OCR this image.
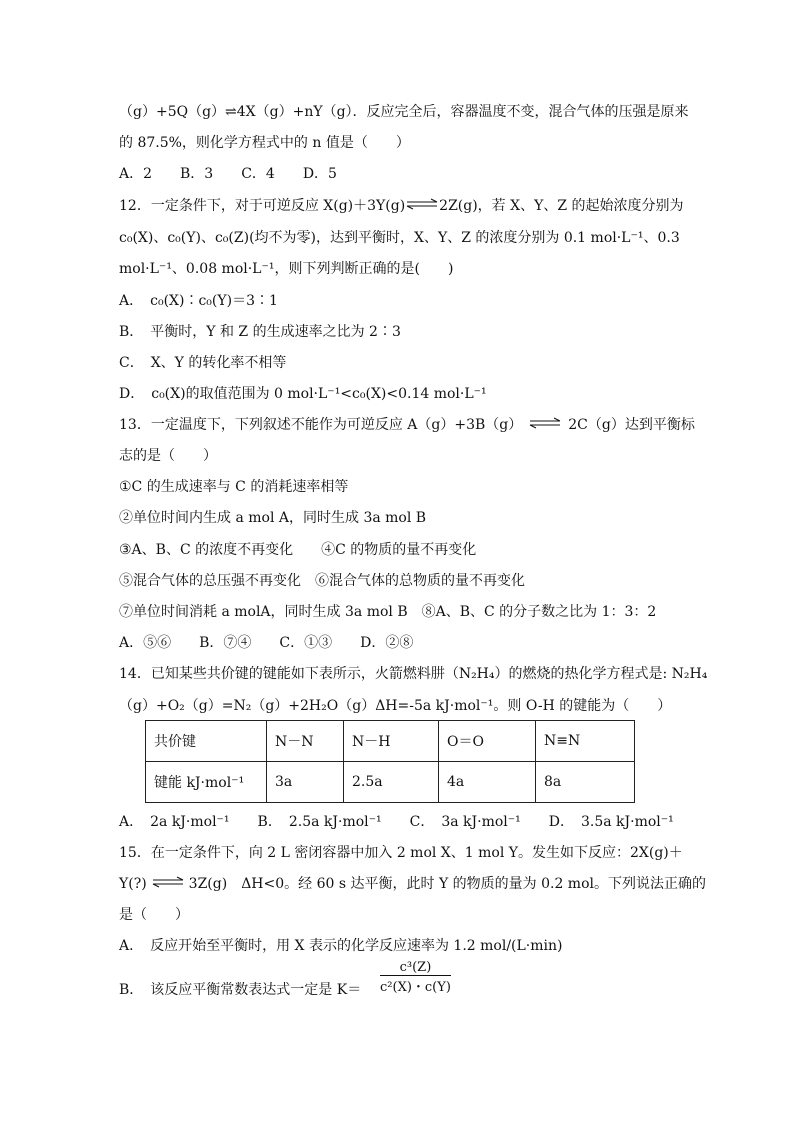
（g）+5Q（g）⇌4X（g）+nY（g）．反应完全后，容器温度不变，混合气体的压强是原来
的 87.5%，则化学方程式中的 n 值是（　　）
A．2　　B．3　　C．4　　D．5
12．一定条件下，对于可逆反应 X(g)＋3Y(g)⇌2Z(g)，若 X、Y、Z 的起始浓度分别为
c₀(X)、c₀(Y)、c₀(Z)(均不为零)，达到平衡时，X、Y、Z 的浓度分别为 0.1 mol·L⁻¹、0.3
mol·L⁻¹、0.08 mol·L⁻¹，则下列判断正确的是(　　)
A．　c₀(X)∶c₀(Y)＝3∶1
B．　平衡时，Y 和 Z 的生成速率之比为 2∶3
C．　X、Y 的转化率不相等
D．　c₀(X)的取值范围为 0 mol·L⁻¹<c₀(X)<0.14 mol·L⁻¹
13．一定温度下，下列叙述不能作为可逆反应 A（g）+3B（g） ⇌ 2C（g）达到平衡标
志的是（　　）
①C 的生成速率与 C 的消耗速率相等
②单位时间内生成 a mol A，同时生成 3a mol B
③A、B、C 的浓度不再变化　　④C 的物质的量不再变化
⑤混合气体的总压强不再变化　⑥混合气体的总物质的量不再变化
⑦单位时间消耗 a molA，同时生成 3a mol B　⑧A、B、C 的分子数之比为 1：3：2
A．⑤⑥　　B．⑦④　　C．①③　　D．②⑧
14．已知某些共价键的键能如下表所示，火箭燃料肼（N₂H₄）的燃烧的热化学方程式是: N₂H₄
（g）+O₂（g）=N₂（g）+2H₂O（g）ΔH=-5a kJ·mol⁻¹。则 O-H 的键能为（　　）
共价键	N－N	N－H	O＝O	N≡N
键能 kJ·mol⁻¹	3a	2.5a	4a	8a
A．　2a kJ·mol⁻¹　　B．　2.5a kJ·mol⁻¹　　C．　3a kJ·mol⁻¹　　D．　3.5a kJ·mol⁻¹
15．在一定条件下，向 2 L 密闭容器中加入 2 mol X、1 mol Y。发生如下反应：2X(g)＋
Y(?) ⇌ 3Z(g)　ΔH<0。经 60 s 达平衡，此时 Y 的物质的量为 0.2 mol。下列说法正确的
是（　　）
A．　反应开始至平衡时，用 X 表示的化学反应速率为 1.2 mol/(L·min)
B．　该反应平衡常数表达式一定是 $K= \frac{\text{c³(Z)}}{\text{c²(X)・c(Y)}}$
